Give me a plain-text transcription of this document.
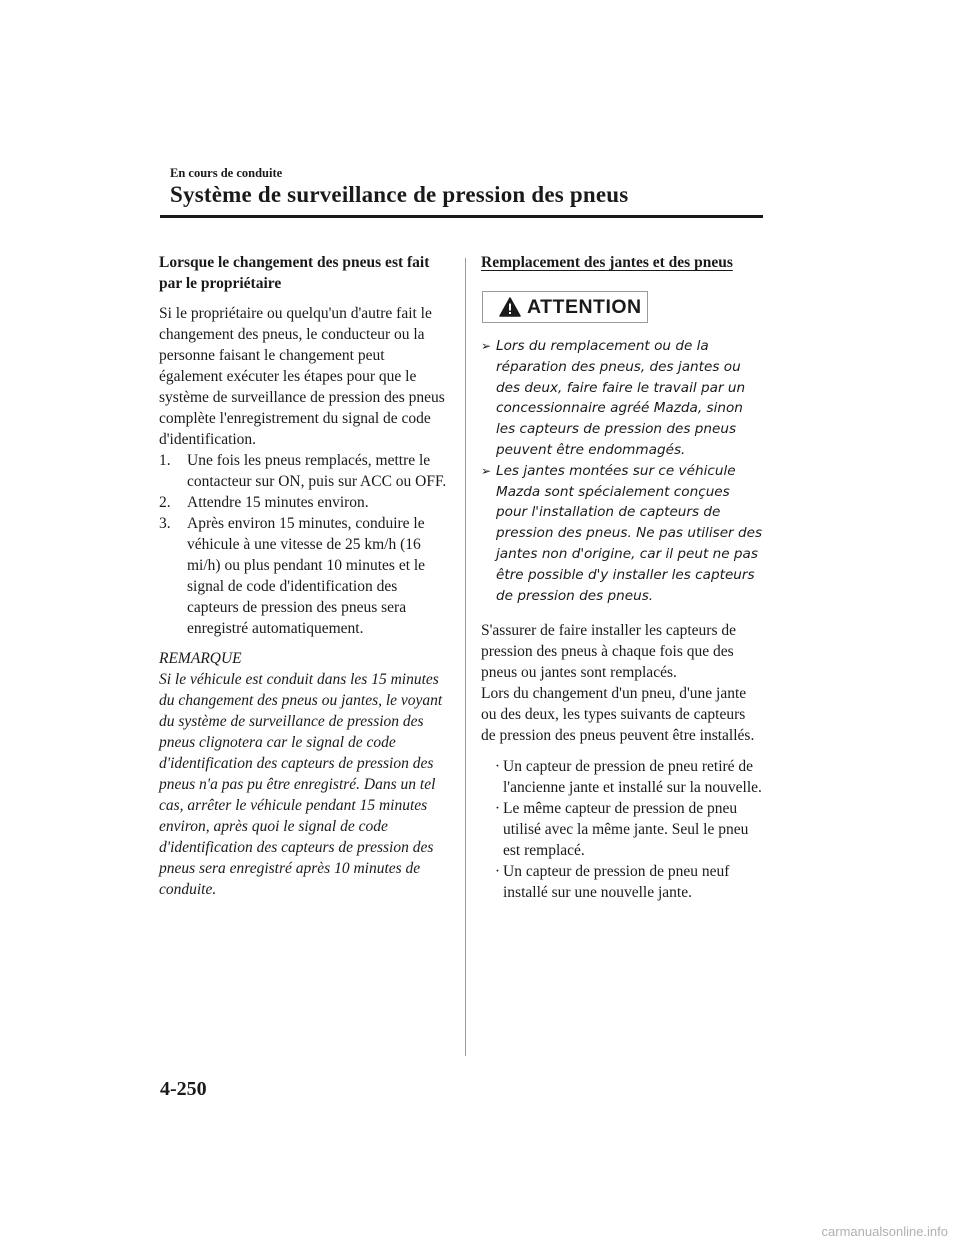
En cours de conduite
Système de surveillance de pression des pneus

Lorsque le changement des pneus est fait par le propriétaire

Si le propriétaire ou quelqu'un d'autre fait le changement des pneus, le conducteur ou la personne faisant le changement peut également exécuter les étapes pour que le système de surveillance de pression des pneus complète l'enregistrement du signal de code d'identification.

1.	Une fois les pneus remplacés, mettre le contacteur sur ON, puis sur ACC ou OFF.
2.	Attendre 15 minutes environ.
3.	Après environ 15 minutes, conduire le véhicule à une vitesse de 25 km/h (16 mi/h) ou plus pendant 10 minutes et le signal de code d'identification des capteurs de pression des pneus sera enregistré automatiquement.
REMARQUE
Si le véhicule est conduit dans les 15 minutes du changement des pneus ou jantes, le voyant du système de surveillance de pression des pneus clignotera car le signal de code d'identification des capteurs de pression des pneus n'a pas pu être enregistré. Dans un tel cas, arrêter le véhicule pendant 15 minutes environ, après quoi le signal de code d'identification des capteurs de pression des pneus sera enregistré après 10 minutes de conduite.
Remplacement des jantes et des pneus
ATTENTION
➢ Lors du remplacement ou de la réparation des pneus, des jantes ou des deux, faire faire le travail par un concessionnaire agréé Mazda, sinon les capteurs de pression des pneus peuvent être endommagés.
➢ Les jantes montées sur ce véhicule Mazda sont spécialement conçues pour l'installation de capteurs de pression des pneus. Ne pas utiliser des jantes non d'origine, car il peut ne pas être possible d'y installer les capteurs de pression des pneus.
S'assurer de faire installer les capteurs de pression des pneus à chaque fois que des pneus ou jantes sont remplacés.
Lors du changement d'un pneu, d'une jante ou des deux, les types suivants de capteurs de pression des pneus peuvent être installés.
· Un capteur de pression de pneu retiré de l'ancienne jante et installé sur la nouvelle.
· Le même capteur de pression de pneu utilisé avec la même jante. Seul le pneu est remplacé.
· Un capteur de pression de pneu neuf installé sur une nouvelle jante.
4-250
carmanualsonline.info
